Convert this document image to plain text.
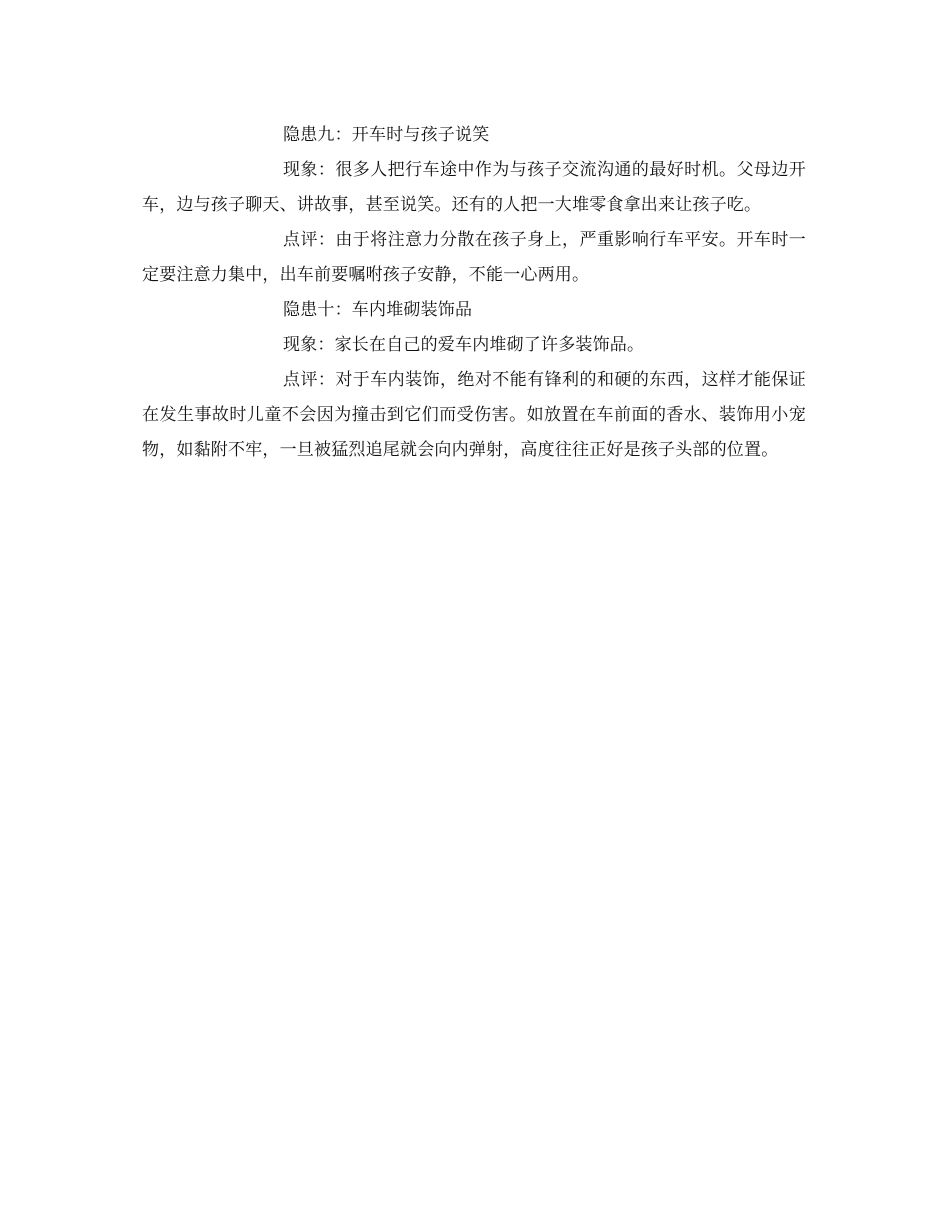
隐患九：开车时与孩子说笑

现象：很多人把行车途中作为与孩子交流沟通的最好时机。父母边开车，边与孩子聊天、讲故事，甚至说笑。还有的人把一大堆零食拿出来让孩子吃。

点评：由于将注意力分散在孩子身上，严重影响行车平安。开车时一定要注意力集中，出车前要嘱咐孩子安静，不能一心两用。

隐患十：车内堆砌装饰品

现象：家长在自己的爱车内堆砌了许多装饰品。

点评：对于车内装饰，绝对不能有锋利的和硬的东西，这样才能保证在发生事故时儿童不会因为撞击到它们而受伤害。如放置在车前面的香水、装饰用小宠物，如黏附不牢，一旦被猛烈追尾就会向内弹射，高度往往正好是孩子头部的位置。
